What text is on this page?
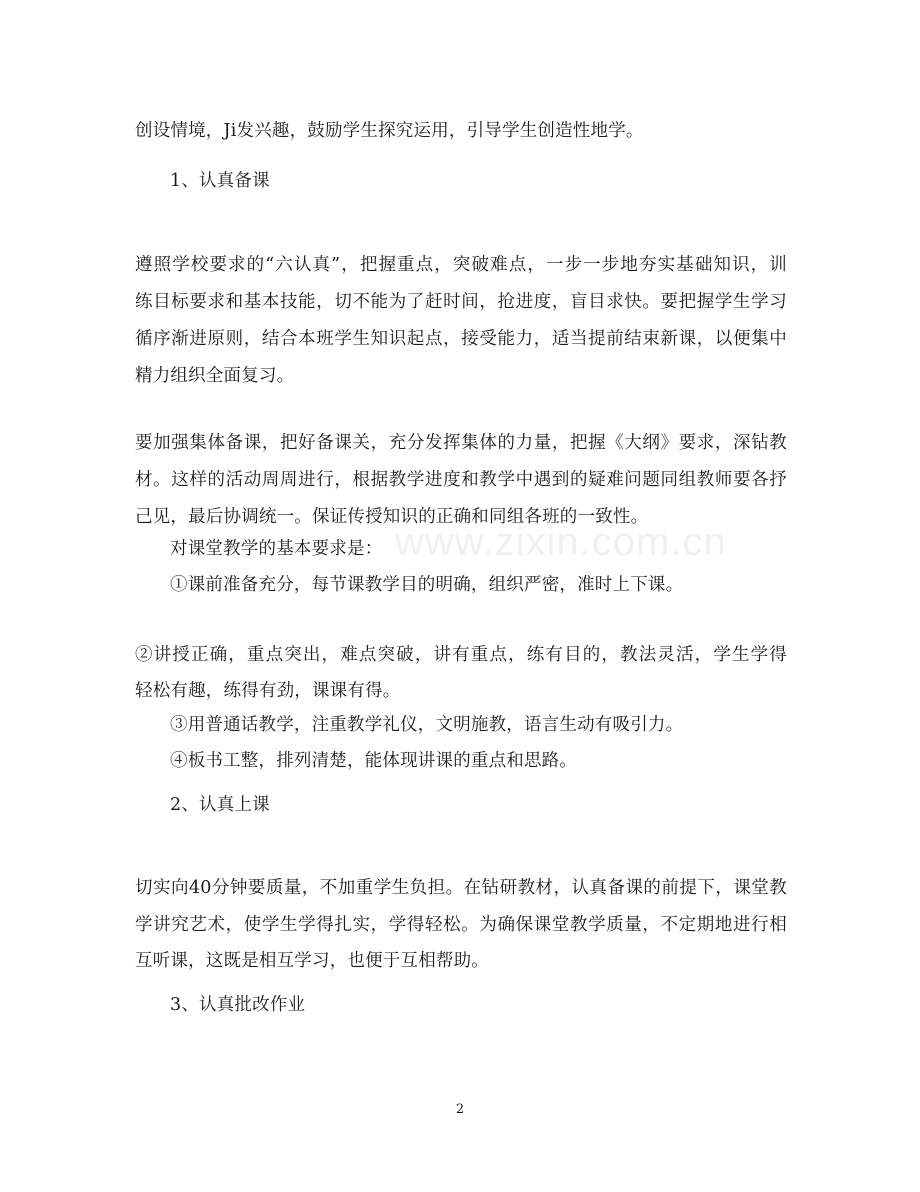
www.zixin.com.cn
创设情境，Ji发兴趣，鼓励学生探究运用，引导学生创造性地学。
1、认真备课
遵照学校要求的“六认真”，把握重点，突破难点，一步一步地夯实基础知识，训
练目标要求和基本技能，切不能为了赶时间，抢进度，盲目求快。要把握学生学习
循序渐进原则，结合本班学生知识起点，接受能力，适当提前结束新课，以便集中
精力组织全面复习。
要加强集体备课，把好备课关，充分发挥集体的力量，把握《大纲》要求，深钻教
材。这样的活动周周进行，根据教学进度和教学中遇到的疑难问题同组教师要各抒
己见，最后协调统一。保证传授知识的正确和同组各班的一致性。
对课堂教学的基本要求是：
①课前准备充分，每节课教学目的明确，组织严密，准时上下课。
②讲授正确，重点突出，难点突破，讲有重点，练有目的，教法灵活，学生学得
轻松有趣，练得有劲，课课有得。
③用普通话教学，注重教学礼仪，文明施教，语言生动有吸引力。
④板书工整，排列清楚，能体现讲课的重点和思路。
2、认真上课
切实向40分钟要质量，不加重学生负担。在钻研教材，认真备课的前提下，课堂教
学讲究艺术，使学生学得扎实，学得轻松。为确保课堂教学质量，不定期地进行相
互听课，这既是相互学习，也便于互相帮助。
3、认真批改作业
2
